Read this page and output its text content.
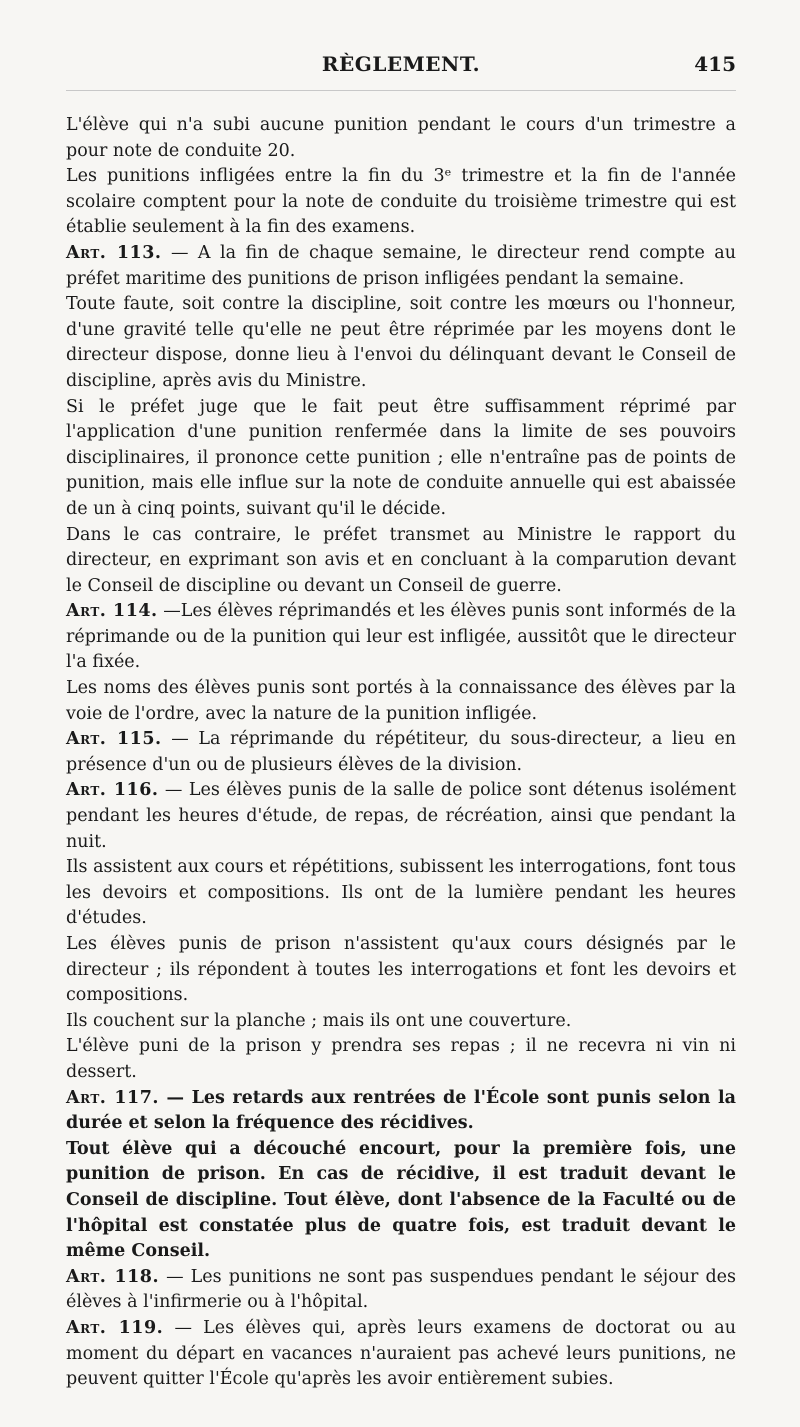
RÈGLEMENT.	415

L'élève qui n'a subi aucune punition pendant le cours d'un trimestre a pour note de conduite 20.

Les punitions infligées entre la fin du 3ᵉ trimestre et la fin de l'année scolaire comptent pour la note de conduite du troisième trimestre qui est établie seulement à la fin des examens.

Art. 113. — A la fin de chaque semaine, le directeur rend compte au préfet maritime des punitions de prison infligées pendant la semaine.

Toute faute, soit contre la discipline, soit contre les mœurs ou l'honneur, d'une gravité telle qu'elle ne peut être réprimée par les moyens dont le directeur dispose, donne lieu à l'envoi du délinquant devant le Conseil de discipline, après avis du Ministre.

Si le préfet juge que le fait peut être suffisamment réprimé par l'application d'une punition renfermée dans la limite de ses pouvoirs disciplinaires, il prononce cette punition ; elle n'entraîne pas de points de punition, mais elle influe sur la note de conduite annuelle qui est abaissée de un à cinq points, suivant qu'il le décide.

Dans le cas contraire, le préfet transmet au Ministre le rapport du directeur, en exprimant son avis et en concluant à la comparution devant le Conseil de discipline ou devant un Conseil de guerre.

Art. 114. —Les élèves réprimandés et les élèves punis sont informés de la réprimande ou de la punition qui leur est infligée, aussitôt que le directeur l'a fixée.

Les noms des élèves punis sont portés à la connaissance des élèves par la voie de l'ordre, avec la nature de la punition infligée.

Art. 115. — La réprimande du répétiteur, du sous-directeur, a lieu en présence d'un ou de plusieurs élèves de la division.

Art. 116. — Les élèves punis de la salle de police sont détenus isolément pendant les heures d'étude, de repas, de récréation, ainsi que pendant la nuit.

Ils assistent aux cours et répétitions, subissent les interrogations, font tous les devoirs et compositions. Ils ont de la lumière pendant les heures d'études.

Les élèves punis de prison n'assistent qu'aux cours désignés par le directeur ; ils répondent à toutes les interrogations et font les devoirs et compositions.

Ils couchent sur la planche ; mais ils ont une couverture.

L'élève puni de la prison y prendra ses repas ; il ne recevra ni vin ni dessert.

Art. 117. — Les retards aux rentrées de l'École sont punis selon la durée et selon la fréquence des récidives.

Tout élève qui a découché encourt, pour la première fois, une punition de prison. En cas de récidive, il est traduit devant le Conseil de discipline. Tout élève, dont l'absence de la Faculté ou de l'hôpital est constatée plus de quatre fois, est traduit devant le même Conseil.

Art. 118. — Les punitions ne sont pas suspendues pendant le séjour des élèves à l'infirmerie ou à l'hôpital.

Art. 119. — Les élèves qui, après leurs examens de doctorat ou au moment du départ en vacances n'auraient pas achevé leurs punitions, ne peuvent quitter l'École qu'après les avoir entièrement subies.
